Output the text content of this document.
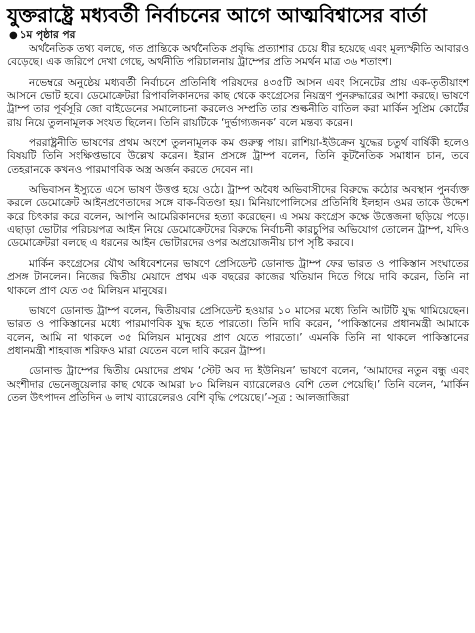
যুক্তরাষ্ট্রে মধ্যবর্তী নির্বাচনের আগে আত্মবিশ্বাসের বার্তা
● ১ম পৃষ্ঠার পর

অর্থনৈতিক তথ্য বলছে, গত প্রান্তিকে অর্থনৈতিক প্রবৃদ্ধি প্রত্যাশার চেয়ে ধীর হয়েছে এবং মূল্যস্ফীতি আবারও বেড়েছে। এক জরিপে দেখা গেছে, অর্থনীতি পরিচালনায় ট্রাম্পের প্রতি সমর্থন মাত্র ৩৬ শতাংশ।

নভেম্বরে অনুষ্ঠেয় মধ্যবর্তী নির্বাচনে প্রতিনিধি পরিষদের ৪৩৫টি আসন এবং সিনেটের প্রায় এক-তৃতীয়াংশ আসনে ভোট হবে। ডেমোক্রেটরা রিপাবলিকানদের কাছ থেকে কংগ্রেসের নিয়ন্ত্রণ পুনরুদ্ধারের আশা করছে। ভাষণে ট্রাম্প তার পূর্বসূরি জো বাইডেনের সমালোচনা করলেও সম্প্রতি তার শুল্কনীতি বাতিল করা মার্কিন সুপ্রিম কোর্টের রায় নিয়ে তুলনামূলক সংযত ছিলেন। তিনি রায়টিকে ‘দুর্ভাগ্যজনক’ বলে মন্তব্য করেন।

পররাষ্ট্রনীতি ভাষণের প্রথম অংশে তুলনামূলক কম গুরুত্ব পায়। রাশিয়া-ইউক্রেন যুদ্ধের চতুর্থ বার্ষিকী হলেও বিষয়টি তিনি সংক্ষিপ্তভাবে উল্লেখ করেন। ইরান প্রসঙ্গে ট্রাম্প বলেন, তিনি কূটনৈতিক সমাধান চান, তবে তেহরানকে কখনও পারমাণবিক অস্ত্র অর্জন করতে দেবেন না।

অভিবাসন ইস্যুতে এসে ভাষণ উত্তপ্ত হয়ে ওঠে। ট্রাম্প অবৈধ অভিবাসীদের বিরুদ্ধে কঠোর অবস্থান পুনর্ব্যক্ত করলে ডেমোক্রেট আইনপ্রণেতাদের সঙ্গে বাক-বিতণ্ডা হয়। মিনিয়াপোলিসের প্রতিনিধি ইলহান ওমর তাকে উদ্দেশ করে চিৎকার করে বলেন, আপনি আমেরিকানদের হত্যা করেছেন। এ সময় কংগ্রেস কক্ষে উত্তেজনা ছড়িয়ে পড়ে। এছাড়া ভোটার পরিচয়পত্র আইন নিয়ে ডেমোক্রেটদের বিরুদ্ধে নির্বাচনী কারচুপির অভিযোগ তোলেন ট্রাম্প, যদিও ডেমোক্রেটরা বলছে এ ধরনের আইন ভোটারদের ওপর অপ্রয়োজনীয় চাপ সৃষ্টি করবে।

মার্কিন কংগ্রেসের যৌথ অধিবেশনের ভাষণে প্রেসিডেন্ট ডোনাল্ড ট্রাম্প ফের ভারত ও পাকিস্তান সংঘাতের প্রসঙ্গ টানলেন। নিজের দ্বিতীয় মেয়াদে প্রথম এক বছরের কাজের খতিয়ান দিতে গিয়ে দাবি করেন, তিনি না থাকলে প্রাণ যেত ৩৫ মিলিয়ন মানুষের।

ভাষণে ডোনাল্ড ট্রাম্প বলেন, দ্বিতীয়বার প্রেসিডেন্ট হওয়ার ১০ মাসের মধ্যে তিনি আটটি যুদ্ধ থামিয়েছেন। ভারত ও পাকিস্তানের মধ্যে পারমাণবিক যুদ্ধ হতে পারতো। তিনি দাবি করেন, ‘পাকিস্তানের প্রধানমন্ত্রী আমাকে বলেন, আমি না থাকলে ৩৫ মিলিয়ন মানুষের প্রাণ যেতে পারতো।’ এমনকি তিনি না থাকলে পাকিস্তানের প্রধানমন্ত্রী শাহবাজ শরিফও মারা যেতেন বলে দাবি করেন ট্রাম্প।

ডোনাল্ড ট্রাম্পের দ্বিতীয় মেয়াদের প্রথম ‘স্টেট অব দ্য ইউনিয়ন’ ভাষণে বলেন, ‘আমাদের নতুন বন্ধু এবং অংশীদার ভেনেজুয়েলার কাছ থেকে আমরা ৮০ মিলিয়ন ব্যারেলেরও বেশি তেল পেয়েছি।’ তিনি বলেন, ‘মার্কিন তেল উৎপাদন প্রতিদিন ৬ লাখ ব্যারেলেরও বেশি বৃদ্ধি পেয়েছে।’-সূত্র : আলজাজিরা
